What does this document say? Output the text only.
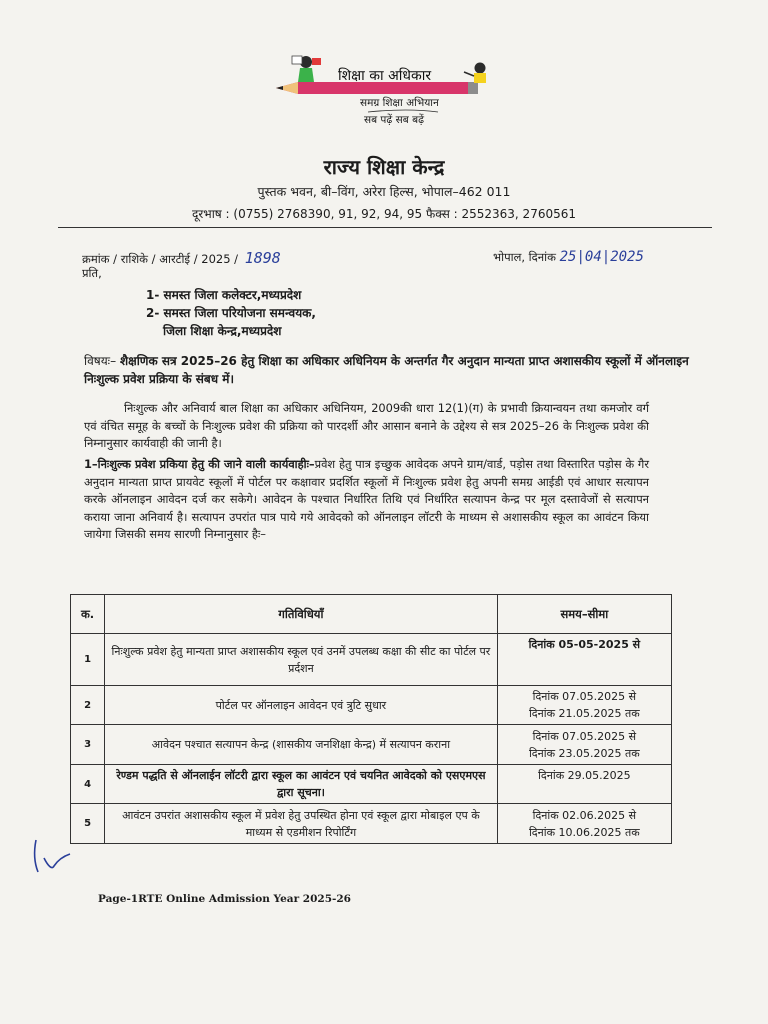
शिक्षा का अधिकार
समग्र शिक्षा अभियान
सब पढ़ें सब बढ़ें
राज्य शिक्षा केन्द्र
पुस्तक भवन, बी–विंग, अरेरा हिल्स, भोपाल–462 011
दूरभाष : (0755) 2768390, 91, 92, 94, 95 फैक्स : 2552363, 2760561
क्रमांक / राशिके / आरटीई / 2025 / 1898	भोपाल, दिनांक 25|04|2025
प्रति,
1- समस्त जिला कलेक्टर,मध्यप्रदेश
2- समस्त जिला परियोजना समन्वयक,
जिला शिक्षा केन्द्र,मध्यप्रदेश
विषयः– शैक्षणिक सत्र 2025–26 हेतु शिक्षा का अधिकार अधिनियम के अन्तर्गत गैर अनुदान मान्यता प्राप्त अशासकीय स्कूलों में ऑनलाइन निःशुल्क प्रवेश प्रक्रिया के संबध में।
निःशुल्क और अनिवार्य बाल शिक्षा का अधिकार अधिनियम, 2009की धारा 12(1)(ग) के प्रभावी क्रियान्वयन तथा कमजोर वर्ग एवं वंचित समूह के बच्चों के निःशुल्क प्रवेश की प्रक्रिया को पारदर्शी और आसान बनाने के उद्देश्य से सत्र 2025–26 के निःशुल्क प्रवेश की निम्नानुसार कार्यवाही की जानी है।
1–निःशुल्क प्रवेश प्रकिया हेतु की जाने वाली कार्यवाहीः–प्रवेश हेतु पात्र इच्छुक आवेदक अपने ग्राम/वार्ड, पड़ोस तथा विस्तारित पड़ोस के गैर अनुदान मान्यता प्राप्त प्रायवेट स्कूलों में पोर्टल पर कक्षावार प्रदर्शित स्कूलों में निःशुल्क प्रवेश हेतु अपनी समग्र आईडी एवं आधार सत्यापन करके ऑनलाइन आवेदन दर्ज कर सकेगे। आवेदन के पश्चात निर्धारित तिथि एवं निर्धारित सत्यापन केन्द्र पर मूल दस्तावेजों से सत्यापन कराया जाना अनिवार्य है। सत्यापन उपरांत पात्र पाये गये आवेदको को ऑनलाइन लॉटरी के माध्यम से अशासकीय स्कूल का आवंटन किया जायेगा जिसकी समय सारणी निम्नानुसार हैः–
क.	गतिविधियॉं	समय–सीमा
1	निःशुल्क प्रवेश हेतु मान्यता प्राप्त अशासकीय स्कूल एवं उनमें उपलब्ध कक्षा की सीट का पोर्टल पर प्रर्दशन	दिनांक 05-05-2025 से

2	पोर्टल पर ऑनलाइन आवेदन एवं त्रुटि सुधार	दिनांक 07.05.2025 से
दिनांक 21.05.2025 तक

3	आवेदन पश्चात सत्यापन केन्द्र (शासकीय जनशिक्षा केन्द्र) में सत्यापन कराना	दिनांक 07.05.2025 से
दिनांक 23.05.2025 तक

4	रेण्डम पद्धति से ऑनलाईन लॉटरी द्वारा स्कूल का आवंटन एवं चयनित आवेदको को एसएमएस द्वारा सूचना।	दिनांक 29.05.2025

5	आवंटन उपरांत अशासकीय स्कूल में प्रवेश हेतु उपस्थित होना एवं स्कूल द्वारा मोबाइल एप के माध्यम से एडमीशन रिपोर्टिंग	दिनांक 02.06.2025 से
दिनांक 10.06.2025 तक
Page-1RTE Online Admission Year 2025-26
